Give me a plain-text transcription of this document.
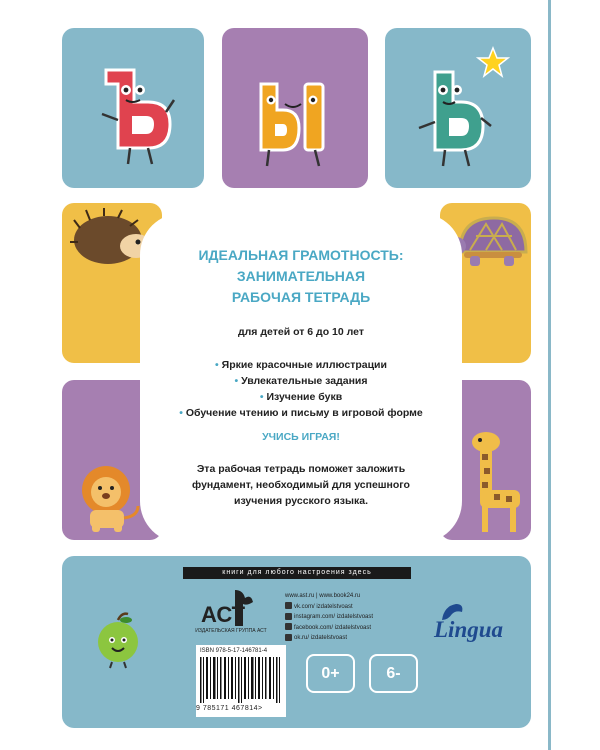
ИДЕАЛЬНАЯ ГРАМОТНОСТЬ:
ЗАНИМАТЕЛЬНАЯ
РАБОЧАЯ ТЕТРАДЬ
для детей от 6 до 10 лет
• Яркие красочные иллюстрации
• Увлекательные задания
• Изучение букв
• Обучение чтению и письму в игровой форме
УЧИСЬ ИГРАЯ!
Эта рабочая тетрадь поможет заложить
фундамент, необходимый для успешного
изучения русского языка.
книги для любого настроения здесь
АСТ
ИЗДАТЕЛЬСКАЯ ГРУППА АСТ
www.ast.ru | www.book24.ru
vk.com/ izdatelstvoast
instagram.com/ izdatelstvoast
facebook.com/ izdatelstvoast
ok.ru/ izdatelstvoast
ISBN 978-5-17-146781-4
9 785171 467814>
0+	6-
Lingua
